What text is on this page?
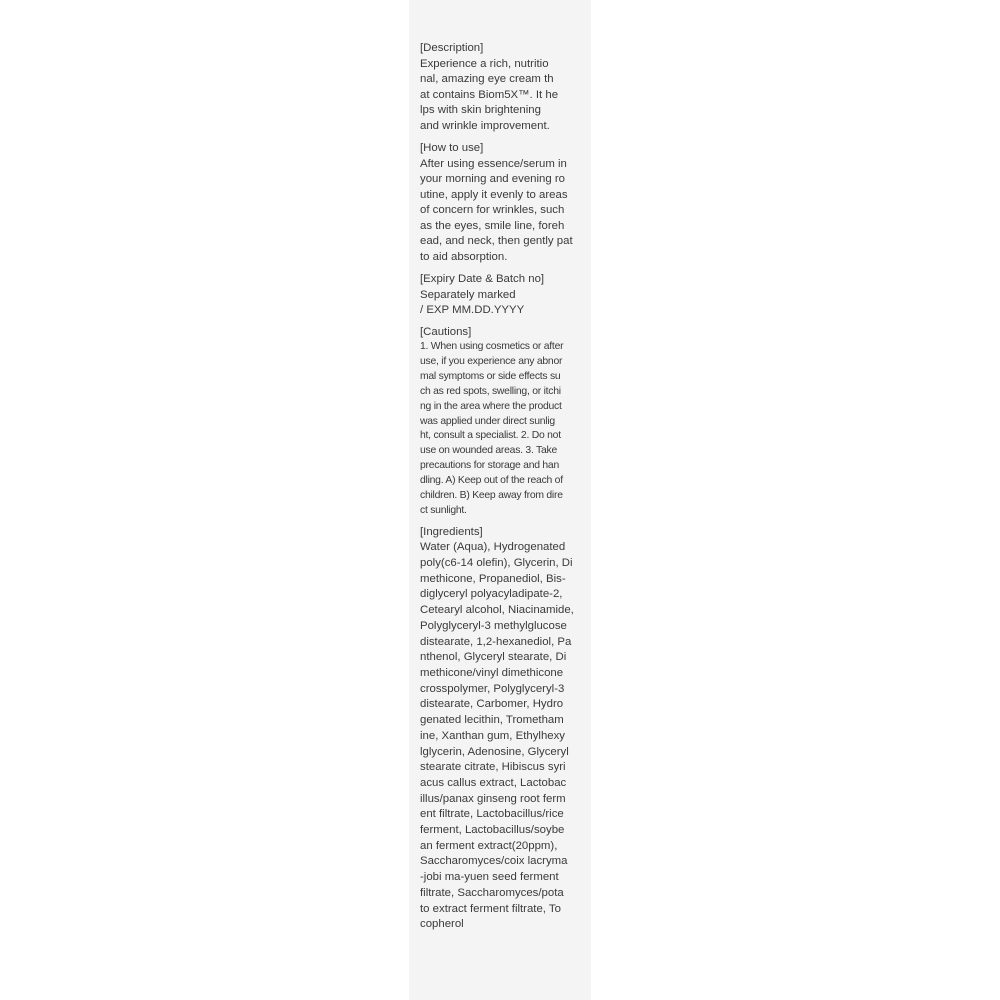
[Description]
Experience a rich, nutritio
nal, amazing eye cream th
at contains Biom5X™. It he
lps with skin brightening
and wrinkle improvement.
[How to use]
After using essence/serum in
your morning and evening ro
utine, apply it evenly to areas
of concern for wrinkles, such
as the eyes, smile line, foreh
ead, and neck, then gently pat
to aid absorption.
[Expiry Date & Batch no]
Separately marked
/ EXP MM.DD.YYYY
[Cautions]
1. When using cosmetics or after
use, if you experience any abnor
mal symptoms or side effects su
ch as red spots, swelling, or itchi
ng in the area where the product
was applied under direct sunlig
ht, consult a specialist. 2. Do not
use on wounded areas. 3. Take
precautions for storage and han
dling. A) Keep out of the reach of
children. B) Keep away from dire
ct sunlight.
[Ingredients]
Water (Aqua), Hydrogenated
poly(c6-14 olefin), Glycerin, Di
methicone, Propanediol, Bis-
diglyceryl polyacyladipate-2,
Cetearyl alcohol, Niacinamide,
Polyglyceryl-3 methylglucose
distearate, 1,2-hexanediol, Pa
nthenol, Glyceryl stearate, Di
methicone/vinyl dimethicone
crosspolymer, Polyglyceryl-3
distearate, Carbomer, Hydro
genated lecithin, Trometham
ine, Xanthan gum, Ethylhexy
lglycerin, Adenosine, Glyceryl
stearate citrate, Hibiscus syri
acus callus extract, Lactobac
illus/panax ginseng root ferm
ent filtrate, Lactobacillus/rice
ferment, Lactobacillus/soybe
an ferment extract(20ppm),
Saccharomyces/coix lacryma
-jobi ma-yuen seed ferment
filtrate, Saccharomyces/pota
to extract ferment filtrate, To
copherol
